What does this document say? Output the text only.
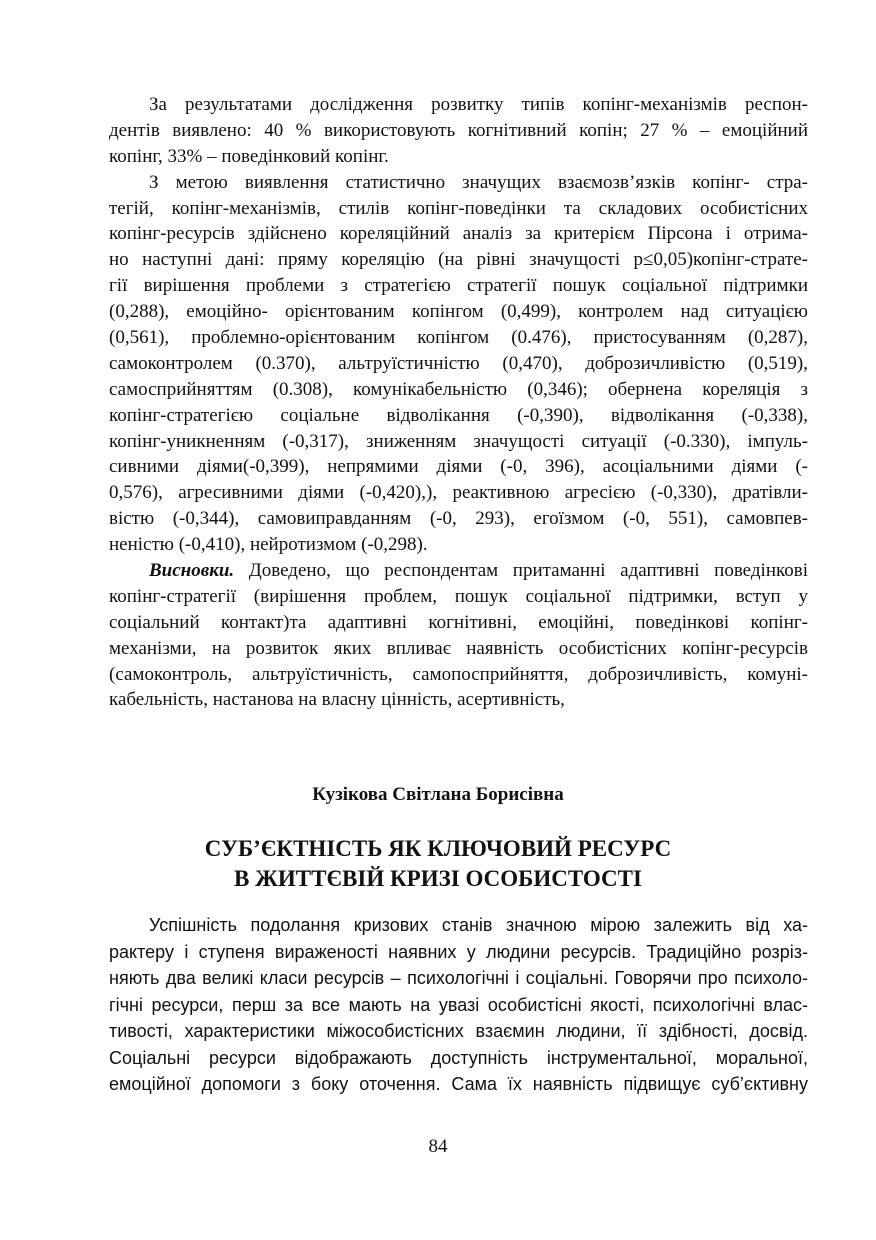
За результатами дослідження розвитку типів копінг-механізмів респон-
дентів виявлено: 40 % використовують когнітивний копін; 27 % – емоційний
копінг, 33% – поведінковий копінг.
З метою виявлення статистично значущих взаємозв’язків копінг- стра-
тегій, копінг-механізмів, стилів копінг-поведінки та складових особистісних
копінг-ресурсів здійснено кореляційний аналіз за критерієм Пірсона і отрима-
но наступні дані: пряму кореляцію (на рівні значущості p≤0,05)копінг-страте-
гії вирішення проблеми з стратегією стратегії пошук соціальної підтримки
(0,288), емоційно- орієнтованим копінгом (0,499), контролем над ситуацією
(0,561), проблемно-орієнтованим копінгом (0.476), пристосуванням (0,287),
самоконтролем (0.370), альтруїстичністю (0,470), доброзичливістю (0,519),
самосприйняттям (0.308), комунікабельністю (0,346); обернена кореляція з
копінг-стратегією соціальне відволікання (-0,390), відволікання (-0,338),
копінг-уникненням (-0,317), зниженням значущості ситуації (-0.330), імпуль-
сивними діями(-0,399), непрямими діями (-0, 396), асоціальними діями (-
0,576), агресивними діями (-0,420),), реактивною агресією (-0,330), дратівли-
вістю (-0,344), самовиправданням (-0, 293), егоїзмом (-0, 551), самовпев-
неністю (-0,410), нейротизмом (-0,298).
Висновки. Доведено, що респондентам притаманні адаптивні поведінкові
копінг-стратегії (вирішення проблем, пошук соціальної підтримки, вступ у
соціальний контакт)та адаптивні когнітивні, емоційні, поведінкові копінг-
механізми, на розвиток яких впливає наявність особистісних копінг-ресурсів
(самоконтроль, альтруїстичність, самопосприйняття, доброзичливість, комуні-
кабельність, настанова на власну цінність, асертивність,
Кузікова Світлана Борисівна
СУБ’ЄКТНІСТЬ ЯК КЛЮЧОВИЙ РЕСУРС
В ЖИТТЄВІЙ КРИЗІ ОСОБИСТОСТІ
Успішність подолання кризових станів значною мірою залежить від ха-
рактеру і ступеня вираженості наявних у людини ресурсів. Традиційно розріз-
няють два великі класи ресурсів – психологічні і соціальні. Говорячи про психоло-
гічні ресурси, перш за все мають на увазі особистісні якості, психологічні влас-
тивості, характеристики міжособистісних взаємин людини, її здібності, досвід.
Соціальні ресурси відображають доступність інструментальної, моральної,
емоційної допомоги з боку оточення. Сама їх наявність підвищує суб’єктивну
84
